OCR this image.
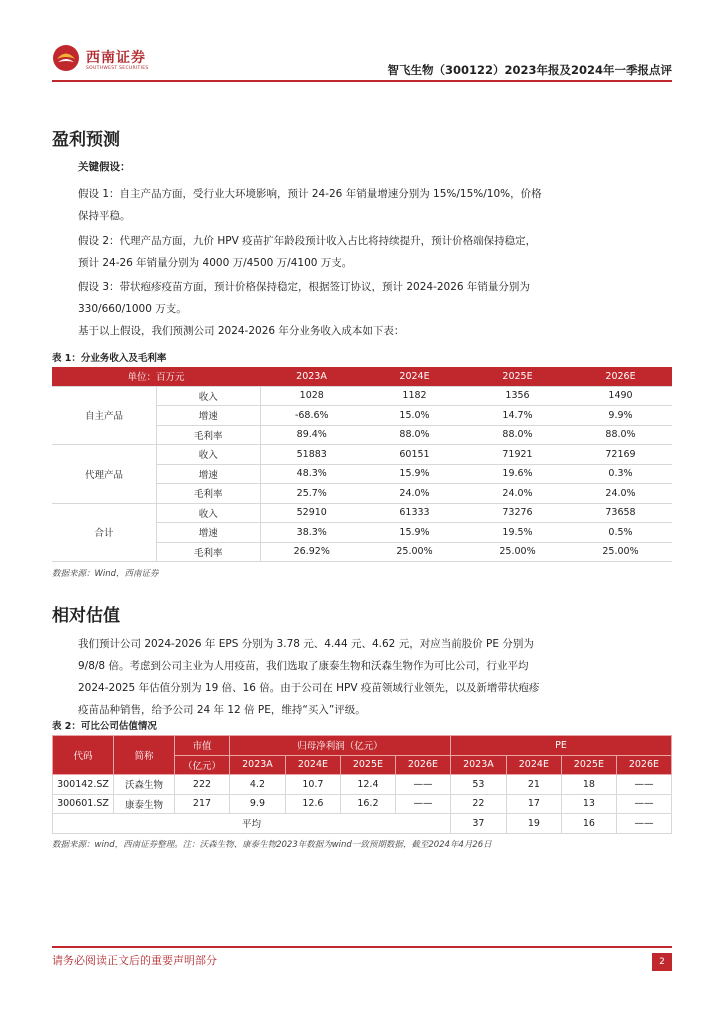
西南证券
SOUTHWEST SECURITIES	智飞生物（300122）2023年报及2024年一季报点评
盈利预测
关键假设：
假设 1：自主产品方面，受行业大环境影响，预计 24-26 年销量增速分别为 15%/15%/10%，价格保持平稳。
假设 2：代理产品方面，九价 HPV 疫苗扩年龄段预计收入占比将持续提升，预计价格端保持稳定，预计 24-26 年销量分别为 4000 万/4500 万/4100 万支。
假设 3：带状疱疹疫苗方面，预计价格保持稳定，根据签订协议，预计 2024-2026 年销量分别为 330/660/1000 万支。
基于以上假设，我们预测公司 2024-2026 年分业务收入成本如下表：
表 1：分业务收入及毛利率
单位：百万元		2023A	2024E	2025E	2026E
自主产品	收入	1028	1182	1356	1490
	增速	-68.6%	15.0%	14.7%	9.9%
	毛利率	89.4%	88.0%	88.0%	88.0%
代理产品	收入	51883	60151	71921	72169
	增速	48.3%	15.9%	19.6%	0.3%
	毛利率	25.7%	24.0%	24.0%	24.0%
合计	收入	52910	61333	73276	73658
	增速	38.3%	15.9%	19.5%	0.5%
	毛利率	26.92%	25.00%	25.00%	25.00%
数据来源：Wind，西南证券
相对估值
我们预计公司 2024-2026 年 EPS 分别为 3.78 元、4.44 元、4.62 元，对应当前股价 PE 分别为 9/8/8 倍。考虑到公司主业为人用疫苗，我们选取了康泰生物和沃森生物作为可比公司，行业平均 2024-2025 年估值分别为 19 倍、16 倍。由于公司在 HPV 疫苗领域行业领先，以及新增带状疱疹疫苗品种销售，给予公司 24 年 12 倍 PE，维持“买入”评级。
表 2：可比公司估值情况
代码	简称	市值	归母净利润（亿元）				PE			
		（亿元）	2023A	2024E	2025E	2026E	2023A	2024E	2025E	2026E
300142.SZ	沃森生物	222	4.2	10.7	12.4	——	53	21	18	——
300601.SZ	康泰生物	217	9.9	12.6	16.2	——	22	17	13	——
平均							37	19	16	——
数据来源：wind，西南证券整理。注：沃森生物、康泰生物2023年数据为wind一致预期数据，截至2024年4月26日
请务必阅读正文后的重要声明部分	2
